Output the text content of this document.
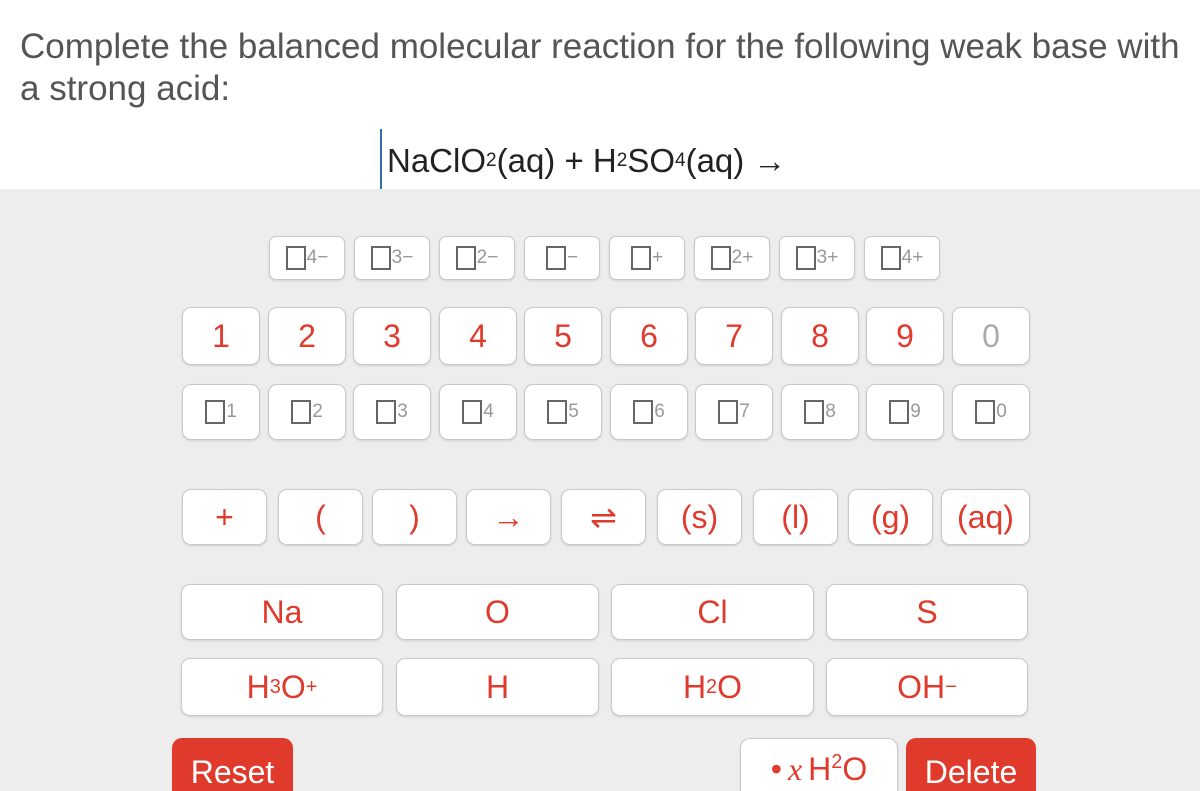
Complete the balanced molecular reaction for the following weak base with a strong acid:
NaClO 2 (aq) + H 2 SO 4 (aq) →
4−	3−	2−	−	+	2+	3+	4+
1	2	3	4	5	6	7	8	9	0
1	2	3	4	5	6	7	8	9	0
+	(	)	→	⇌	(s)	(l)	(g)	(aq)
Na	O	Cl	S
H 3 O +	H	H 2 O	OH −
Reset	• x $H^2$ O	Delete
